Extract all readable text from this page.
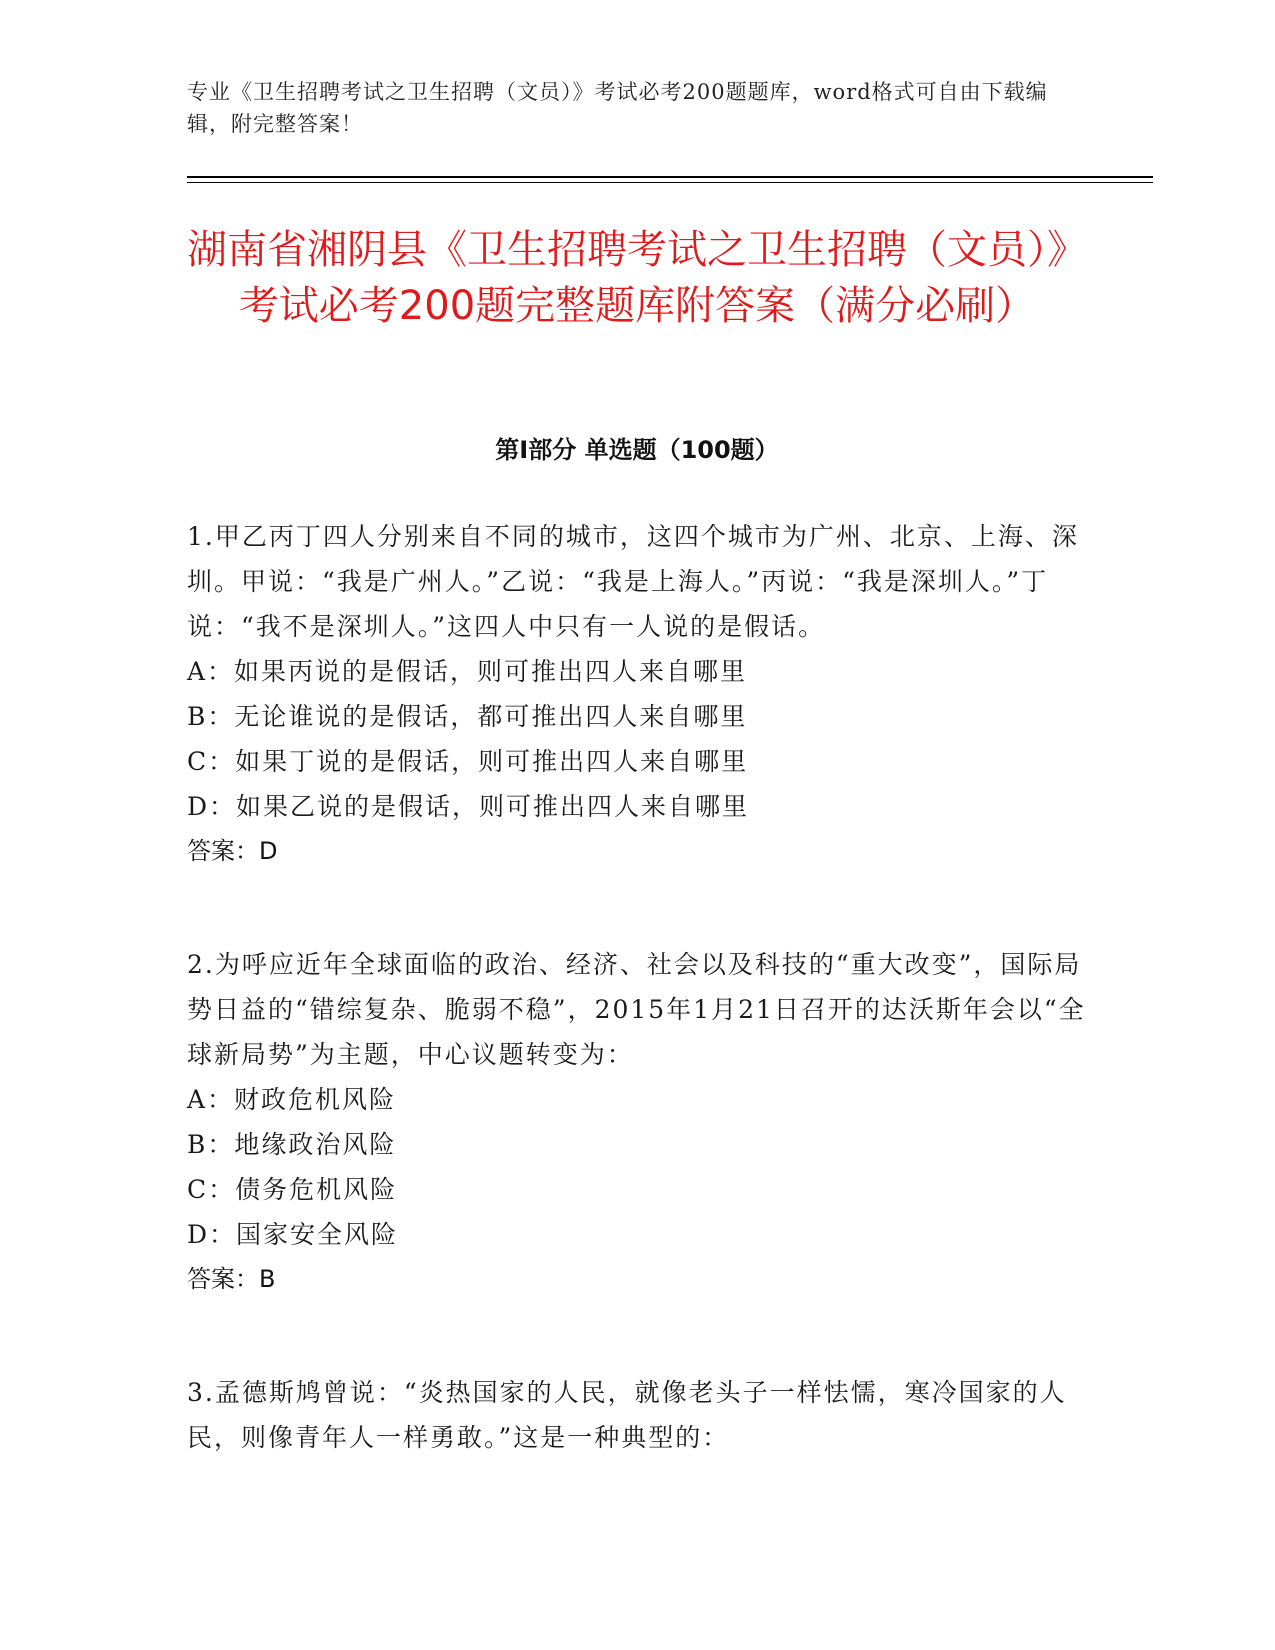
专业《卫生招聘考试之卫生招聘（文员）》考试必考200题题库，word格式可自由下载编辑，附完整答案！
湖南省湘阴县《卫生招聘考试之卫生招聘（文员）》考试必考200题完整题库附答案（满分必刷）
第Ⅰ部分 单选题（100题）

1.甲乙丙丁四人分别来自不同的城市，这四个城市为广州、北京、上海、深圳。甲说：“我是广州人。”乙说：“我是上海人。”丙说：“我是深圳人。”丁说：“我不是深圳人。”这四人中只有一人说的是假话。

A：如果丙说的是假话，则可推出四人来自哪里

B：无论谁说的是假话，都可推出四人来自哪里

C：如果丁说的是假话，则可推出四人来自哪里

D：如果乙说的是假话，则可推出四人来自哪里

答案：D

2.为呼应近年全球面临的政治、经济、社会以及科技的“重大改变”，国际局势日益的“错综复杂、脆弱不稳”，2015年1月21日召开的达沃斯年会以“全球新局势”为主题，中心议题转变为：

A：财政危机风险

B：地缘政治风险

C：债务危机风险

D：国家安全风险

答案：B

3.孟德斯鸠曾说：“炎热国家的人民，就像老头子一样怯懦，寒冷国家的人民，则像青年人一样勇敢。”这是一种典型的：
